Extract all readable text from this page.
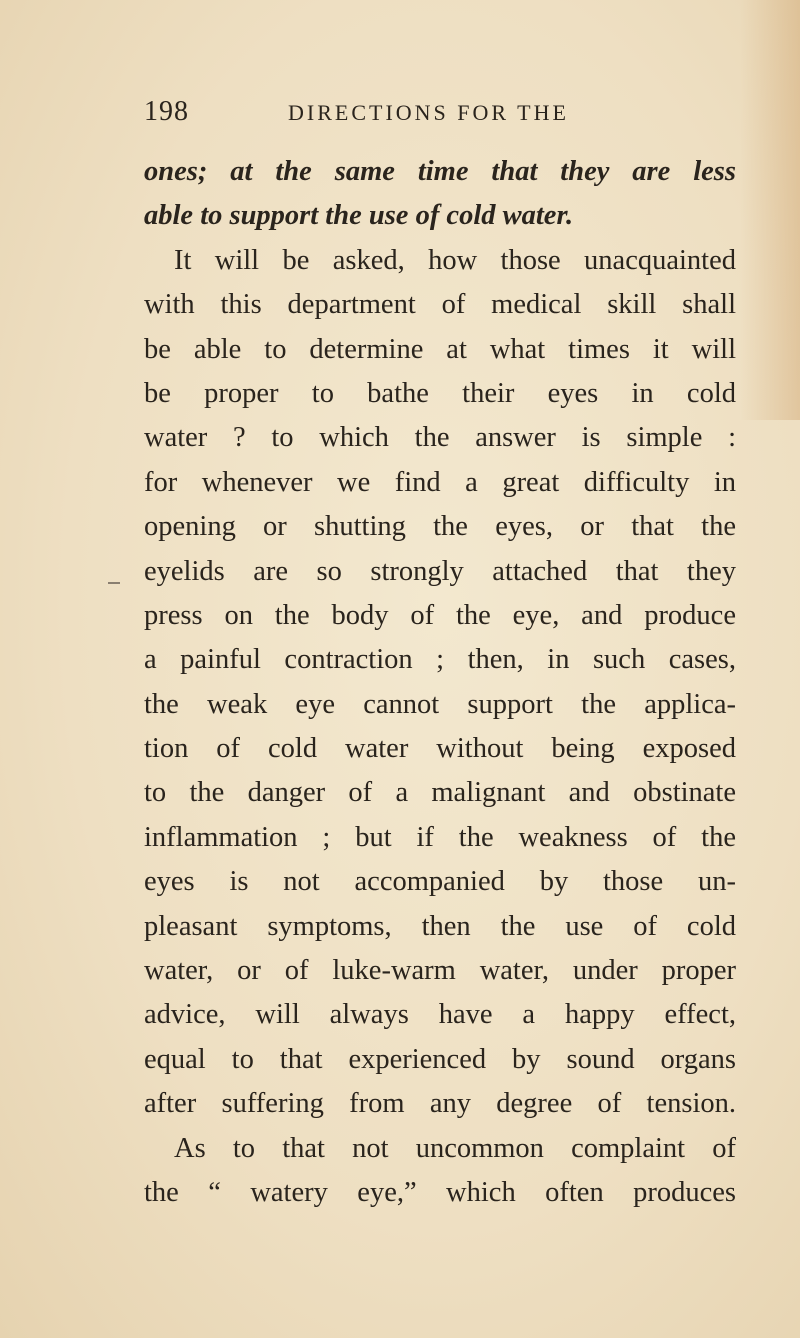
198	DIRECTIONS FOR THE
ones; at the same time that they are less
able to support the use of cold water.
It will be asked, how those unacquainted
with this department of medical skill shall
be able to determine at what times it will
be proper to bathe their eyes in cold
water ? to which the answer is simple :
for whenever we find a great difficulty in
opening or shutting the eyes, or that the
eyelids are so strongly attached that they
press on the body of the eye, and produce
a painful contraction ; then, in such cases,
the weak eye cannot support the applica-
tion of cold water without being exposed
to the danger of a malignant and obstinate
inflammation ; but if the weakness of the
eyes is not accompanied by those un-
pleasant symptoms, then the use of cold
water, or of luke-warm water, under proper
advice, will always have a happy effect,
equal to that experienced by sound organs
after suffering from any degree of tension.
As to that not uncommon complaint of
the “ watery eye,” which often produces
